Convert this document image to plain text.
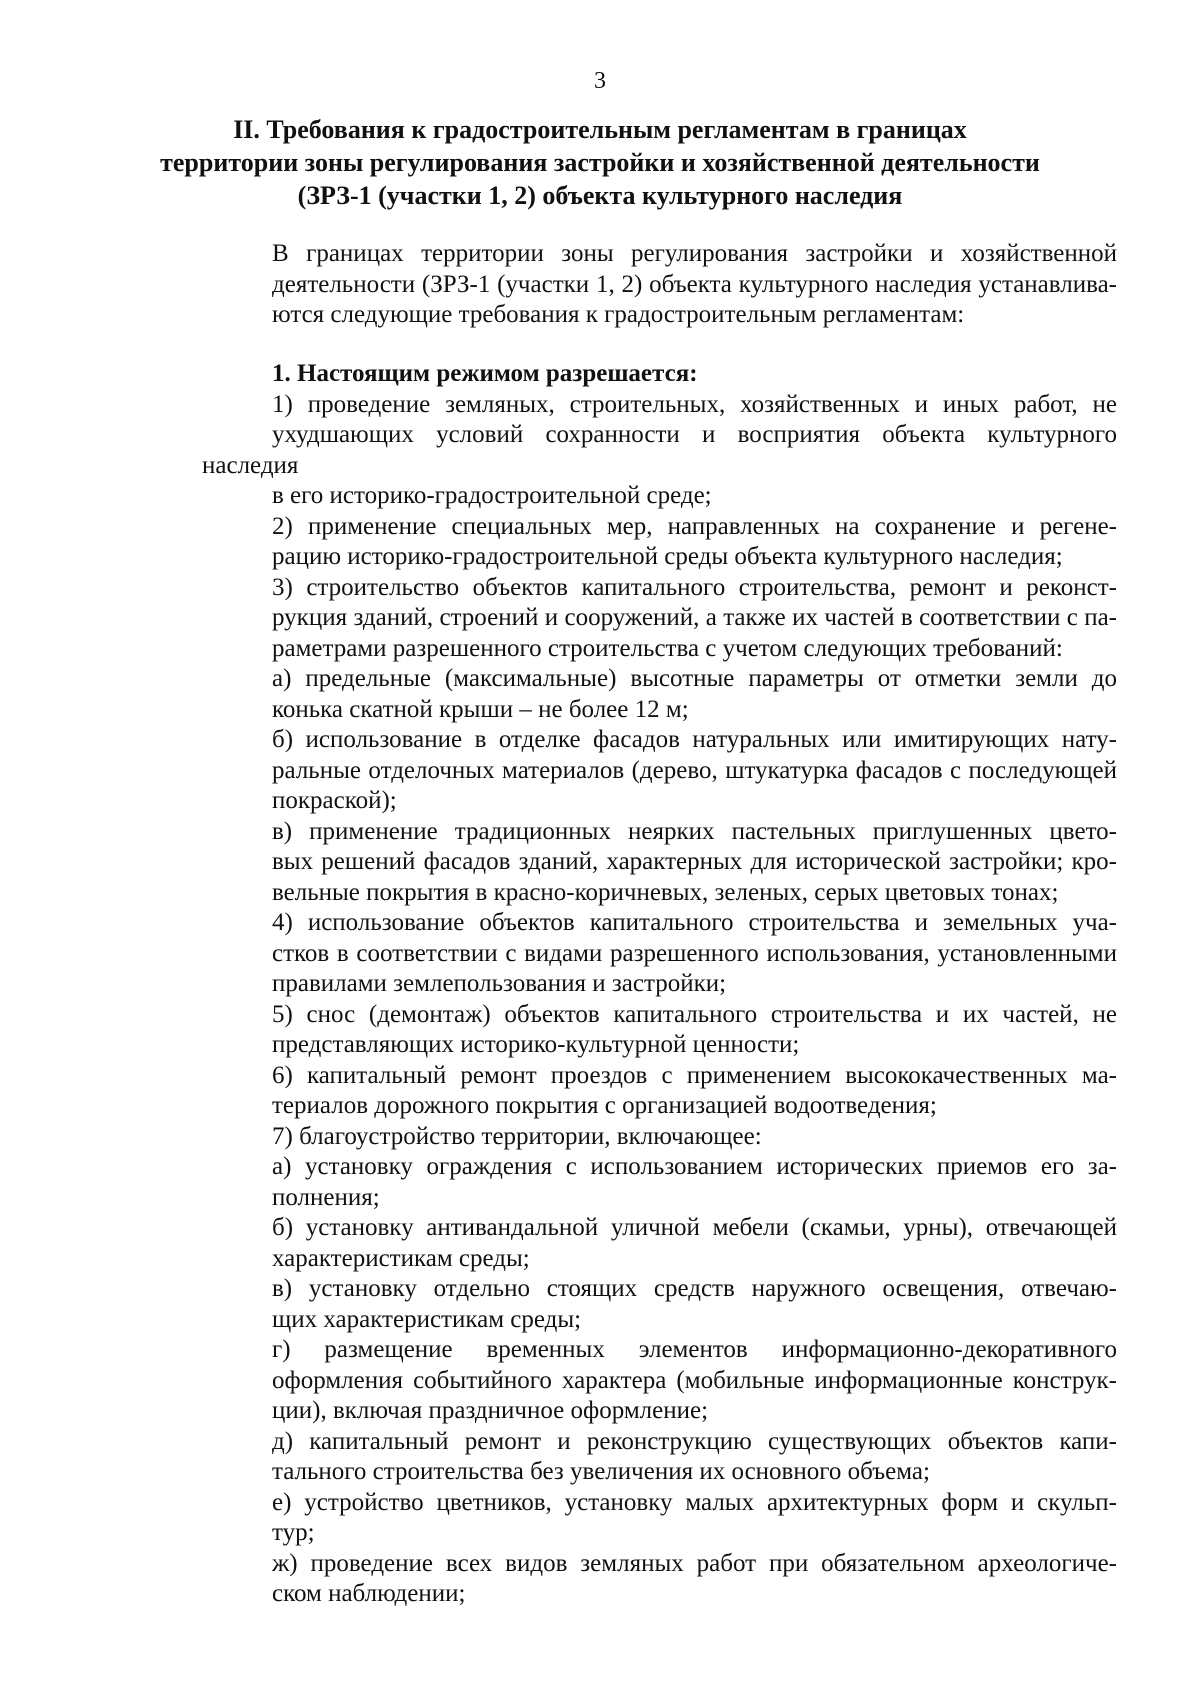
3
II. Требования к градостроительным регламентам в границах
территории зоны регулирования застройки и хозяйственной деятельности
(ЗРЗ-1 (участки 1, 2) объекта культурного наследия

В границах территории зоны регулирования застройки и хозяйственной
деятельности (ЗРЗ-1 (участки 1, 2) объекта культурного наследия устанавлива-
ются следующие требования к градостроительным регламентам:

1. Настоящим режимом разрешается:

1) проведение земляных, строительных, хозяйственных и иных работ, не
ухудшающих условий сохранности и восприятия объекта культурного наследия
в его историко-градостроительной среде;

2) применение специальных мер, направленных на сохранение и регене-
рацию историко-градостроительной среды объекта культурного наследия;

3) строительство объектов капитального строительства, ремонт и реконст-
рукция зданий, строений и сооружений, а также их частей в соответствии с па-
раметрами разрешенного строительства с учетом следующих требований:

а) предельные (максимальные) высотные параметры от отметки земли до
конька скатной крыши – не более 12 м;

б) использование в отделке фасадов натуральных или имитирующих нату-
ральные отделочных материалов (дерево, штукатурка фасадов с последующей
покраской);

в) применение традиционных неярких пастельных приглушенных цвето-
вых решений фасадов зданий, характерных для исторической застройки; кро-
вельные покрытия в красно-коричневых, зеленых, серых цветовых тонах;

4) использование объектов капитального строительства и земельных уча-
стков в соответствии с видами разрешенного использования, установленными
правилами землепользования и застройки;

5) снос (демонтаж) объектов капитального строительства и их частей, не
представляющих историко-культурной ценности;

6) капитальный ремонт проездов с применением высококачественных ма-
териалов дорожного покрытия с организацией водоотведения;

7) благоустройство территории, включающее:

а) установку ограждения с использованием исторических приемов его за-
полнения;

б) установку антивандальной уличной мебели (скамьи, урны), отвечающей
характеристикам среды;

в) установку отдельно стоящих средств наружного освещения, отвечаю-
щих характеристикам среды;

г) размещение временных элементов информационно-декоративного
оформления событийного характера (мобильные информационные конструк-
ции), включая праздничное оформление;

д) капитальный ремонт и реконструкцию существующих объектов капи-
тального строительства без увеличения их основного объема;

е) устройство цветников, установку малых архитектурных форм и скульп-
тур;

ж) проведение всех видов земляных работ при обязательном археологиче-
ском наблюдении;
